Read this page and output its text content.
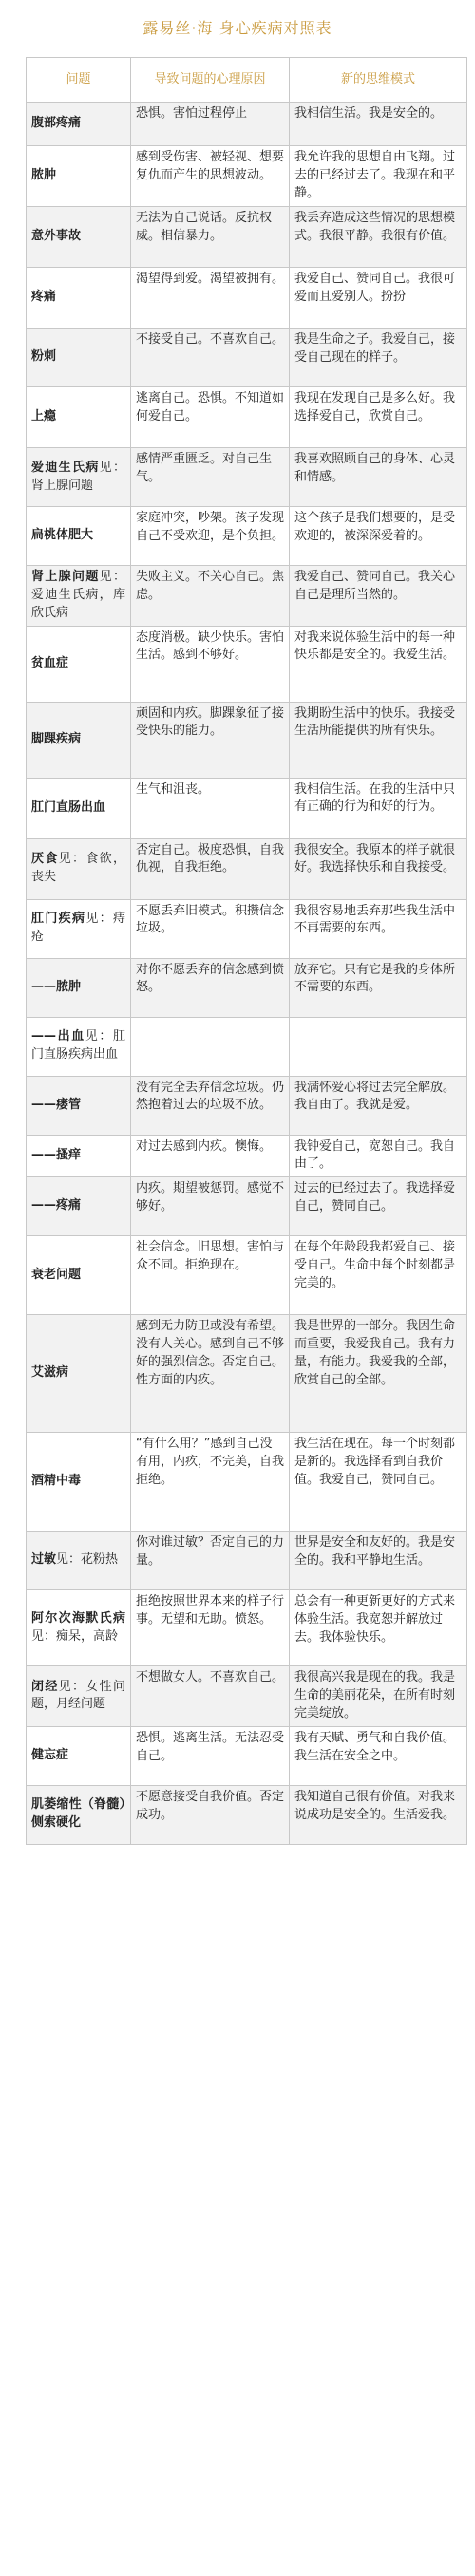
露易丝·海 身心疾病对照表
问题	导致问题的心理原因	新的思维模式
腹部疼痛	恐惧。害怕过程停止	我相信生活。我是安全的。
脓肿	感到受伤害、被轻视、想要复仇而产生的思想波动。	我允许我的思想自由飞翔。过去的已经过去了。我现在和平静。
意外事故	无法为自己说话。反抗权威。相信暴力。	我丢弃造成这些情况的思想模式。我很平静。我很有价值。
疼痛	渴望得到爱。渴望被拥有。	我爱自己、赞同自己。我很可爱而且爱别人。扮扮
粉刺	不接受自己。不喜欢自己。	我是生命之子。我爱自己，接受自己现在的样子。
上瘾	逃离自己。恐惧。不知道如何爱自己。	我现在发现自己是多么好。我选择爱自己，欣赏自己。
爱迪生氏病见：肾上腺问题	感情严重匮乏。对自己生气。	我喜欢照顾自己的身体、心灵和情感。
扁桃体肥大	家庭冲突，吵架。孩子发现自己不受欢迎，是个负担。	这个孩子是我们想要的，是受欢迎的，被深深爱着的。
肾上腺问题见：爱迪生氏病，库欣氏病	失败主义。不关心自己。焦虑。	我爱自己、赞同自己。我关心自己是理所当然的。
贫血症	态度消极。缺少快乐。害怕生活。感到不够好。	对我来说体验生活中的每一种快乐都是安全的。我爱生活。
脚踝疾病	顽固和内疚。脚踝象征了接受快乐的能力。	我期盼生活中的快乐。我接受生活所能提供的所有快乐。
肛门直肠出血	生气和沮丧。	我相信生活。在我的生活中只有正确的行为和好的行为。
厌食见：食欲，丧失	否定自己。极度恐惧，自我仇视，自我拒绝。	我很安全。我原本的样子就很好。我选择快乐和自我接受。
肛门疾病见：痔疮	不愿丢弃旧模式。积攒信念垃圾。	我很容易地丢弃那些我生活中不再需要的东西。
——脓肿	对你不愿丢弃的信念感到愤怒。	放弃它。只有它是我的身体所不需要的东西。
——出血见：肛门直肠疾病出血		
——瘘管	没有完全丢弃信念垃圾。仍然抱着过去的垃圾不放。	我满怀爱心将过去完全解放。我自由了。我就是爱。
——搔痒	对过去感到内疚。懊悔。	我钟爱自己，宽恕自己。我自由了。
——疼痛	内疚。期望被惩罚。感觉不够好。	过去的已经过去了。我选择爱自己，赞同自己。
衰老问题	社会信念。旧思想。害怕与众不同。拒绝现在。	在每个年龄段我都爱自己、接受自己。生命中每个时刻都是完美的。
艾滋病	感到无力防卫或没有希望。没有人关心。感到自己不够好的强烈信念。否定自己。性方面的内疚。	我是世界的一部分。我因生命而重要，我爱我自己。我有力量，有能力。我爱我的全部，欣赏自己的全部。
酒精中毒	“有什么用？”感到自己没有用，内疚，不完美，自我拒绝。	我生活在现在。每一个时刻都是新的。我选择看到自我价值。我爱自己，赞同自己。
过敏见：花粉热	你对谁过敏？否定自己的力量。	世界是安全和友好的。我是安全的。我和平静地生活。
阿尔次海默氏病见：痴呆，高龄	拒绝按照世界本来的样子行事。无望和无助。愤怒。	总会有一种更新更好的方式来体验生活。我宽恕并解放过去。我体验快乐。
闭经见：女性问题，月经问题	不想做女人。不喜欢自己。	我很高兴我是现在的我。我是生命的美丽花朵，在所有时刻完美绽放。
健忘症	恐惧。逃离生活。无法忍受自己。	我有天赋、勇气和自我价值。我生活在安全之中。
肌萎缩性（脊髓）侧索硬化	不愿意接受自我价值。否定成功。	我知道自己很有价值。对我来说成功是安全的。生活爱我。
